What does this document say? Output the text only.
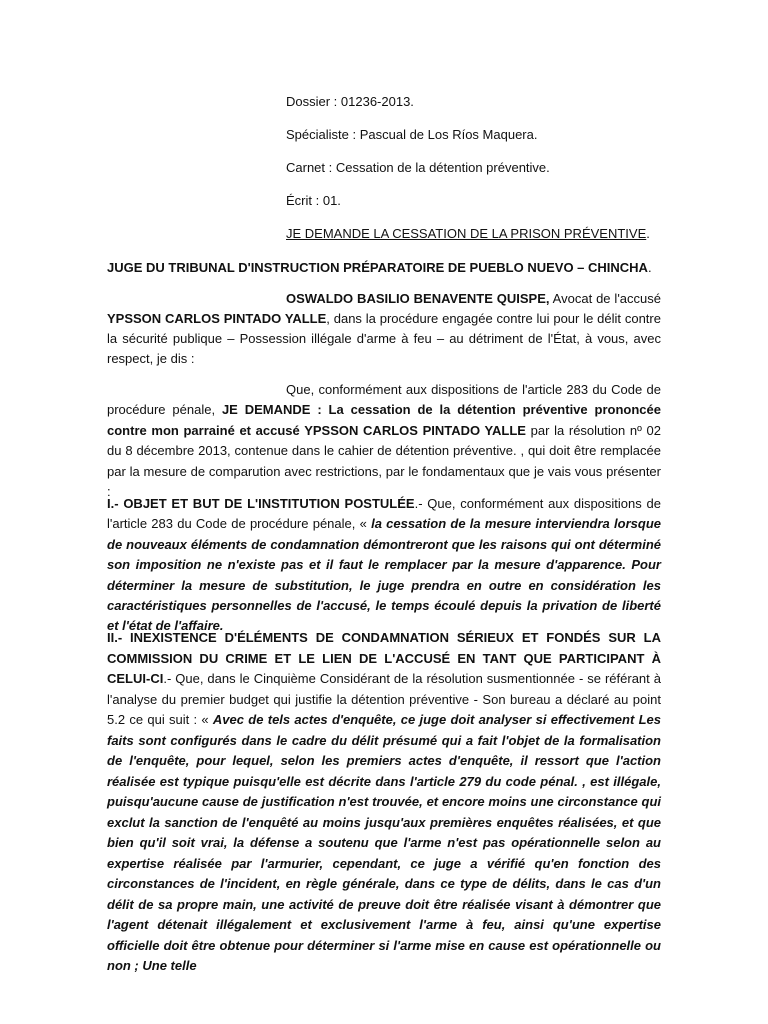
Dossier : 01236-2013.

Spécialiste : Pascual de Los Ríos Maquera.

Carnet : Cessation de la détention préventive.

Écrit : 01.

JE DEMANDE LA CESSATION DE LA PRISON PRÉVENTIVE.

JUGE DU TRIBUNAL D'INSTRUCTION PRÉPARATOIRE DE PUEBLO NUEVO – CHINCHA.

OSWALDO BASILIO BENAVENTE QUISPE, Avocat de l'accusé YPSSON CARLOS PINTADO YALLE, dans la procédure engagée contre lui pour le délit contre la sécurité publique – Possession illégale d'arme à feu – au détriment de l'État, à vous, avec respect, je dis :

Que, conformément aux dispositions de l'article 283 du Code de procédure pénale, JE DEMANDE : La cessation de la détention préventive prononcée contre mon parrainé et accusé YPSSON CARLOS PINTADO YALLE par la résolution nº 02 du 8 décembre 2013, contenue dans le cahier de détention préventive. , qui doit être remplacée par la mesure de comparution avec restrictions, par le fondamentaux que je vais vous présenter :

I.- OBJET ET BUT DE L'INSTITUTION POSTULÉE.- Que, conformément aux dispositions de l'article 283 du Code de procédure pénale, « la cessation de la mesure interviendra lorsque de nouveaux éléments de condamnation démontreront que les raisons qui ont déterminé son imposition ne n'existe pas et il faut le remplacer par la mesure d'apparence. Pour déterminer la mesure de substitution, le juge prendra en outre en considération les caractéristiques personnelles de l'accusé, le temps écoulé depuis la privation de liberté et l'état de l'affaire.

II.- INEXISTENCE D'ÉLÉMENTS DE CONDAMNATION SÉRIEUX ET FONDÉS SUR LA COMMISSION DU CRIME ET LE LIEN DE L'ACCUSÉ EN TANT QUE PARTICIPANT À CELUI-CI.- Que, dans le Cinquième Considérant de la résolution susmentionnée - se référant à l'analyse du premier budget qui justifie la détention préventive - Son bureau a déclaré au point 5.2 ce qui suit : « Avec de tels actes d'enquête, ce juge doit analyser si effectivement Les faits sont configurés dans le cadre du délit présumé qui a fait l'objet de la formalisation de l'enquête, pour lequel, selon les premiers actes d'enquête, il ressort que l'action réalisée est typique puisqu'elle est décrite dans l'article 279 du code pénal. , est illégale, puisqu'aucune cause de justification n'est trouvée, et encore moins une circonstance qui exclut la sanction de l'enquêté au moins jusqu'aux premières enquêtes réalisées, et que bien qu'il soit vrai, la défense a soutenu que l'arme n'est pas opérationnelle selon au expertise réalisée par l'armurier, cependant, ce juge a vérifié qu'en fonction des circonstances de l'incident, en règle générale, dans ce type de délits, dans le cas d'un délit de sa propre main, une activité de preuve doit être réalisée visant à démontrer que l'agent détenait illégalement et exclusivement l'arme à feu, ainsi qu'une expertise officielle doit être obtenue pour déterminer si l'arme mise en cause est opérationnelle ou non ; Une telle
